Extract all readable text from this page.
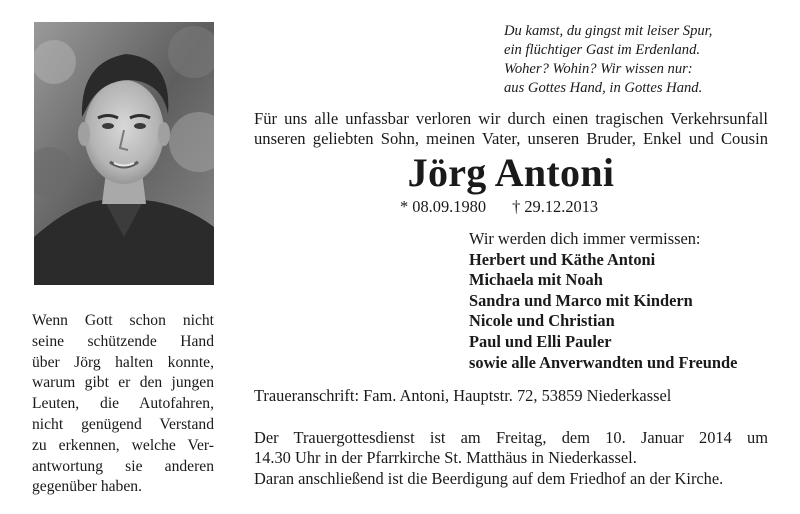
Wenn Gott schon nicht
seine schützende Hand
über Jörg halten konnte,
warum gibt er den jungen
Leuten, die Autofahren,
nicht genügend Verstand
zu erkennen, welche Ver-
antwortung sie anderen
gegenüber haben.
Du kamst, du gingst mit leiser Spur,
ein flüchtiger Gast im Erdenland.
Woher? Wohin? Wir wissen nur:
aus Gottes Hand, in Gottes Hand.
Für uns alle unfassbar verloren wir durch einen tragischen Verkehrsunfall
unseren geliebten Sohn, meinen Vater, unseren Bruder, Enkel und Cousin
Jörg Antoni
* 08.09.1980 † 29.12.2013
Wir werden dich immer vermissen:
Herbert und Käthe Antoni
Michaela mit Noah
Sandra und Marco mit Kindern
Nicole und Christian
Paul und Elli Pauler
sowie alle Anverwandten und Freunde
Traueranschrift: Fam. Antoni, Hauptstr. 72, 53859 Niederkassel
Der Trauergottesdienst ist am Freitag, dem 10. Januar 2014 um
14.30 Uhr in der Pfarrkirche St. Matthäus in Niederkassel.
Daran anschließend ist die Beerdigung auf dem Friedhof an der Kirche.
